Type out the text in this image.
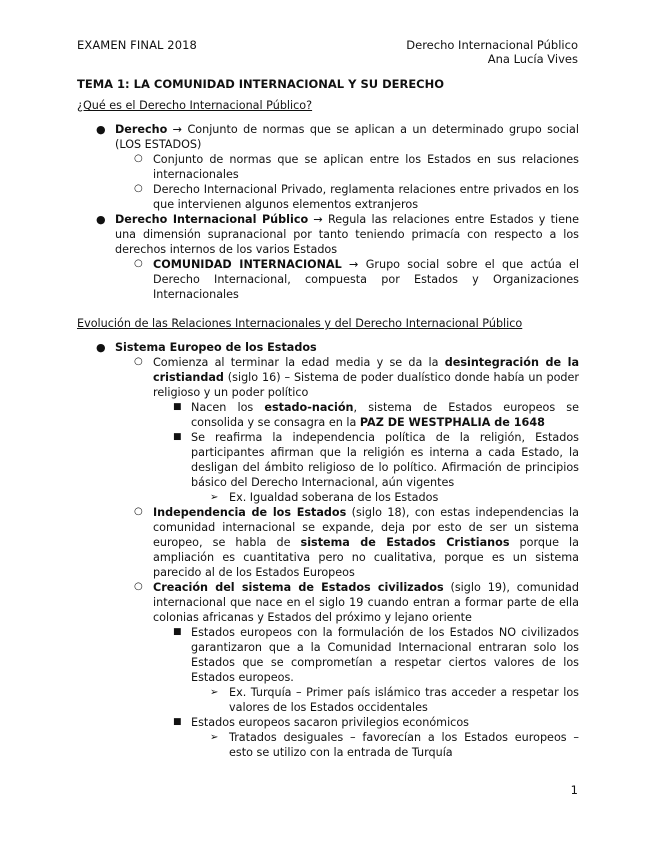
EXAMEN FINAL 2018	Derecho Internacional Público
Ana Lucía Vives
TEMA 1: LA COMUNIDAD INTERNACIONAL Y SU DERECHO
¿Qué es el Derecho Internacional Público?
● Derecho → Conjunto de normas que se aplican a un determinado grupo social (LOS ESTADOS)
○ Conjunto de normas que se aplican entre los Estados en sus relaciones internacionales
○ Derecho Internacional Privado, reglamenta relaciones entre privados en los que intervienen algunos elementos extranjeros
● Derecho Internacional Público → Regula las relaciones entre Estados y tiene una dimensión supranacional por tanto teniendo primacía con respecto a los derechos internos de los varios Estados
○ COMUNIDAD INTERNACIONAL → Grupo social sobre el que actúa el Derecho Internacional, compuesta por Estados y Organizaciones Internacionales
Evolución de las Relaciones Internacionales y del Derecho Internacional Público
● Sistema Europeo de los Estados
○ Comienza al terminar la edad media y se da la desintegración de la cristiandad (siglo 16) – Sistema de poder dualístico donde había un poder religioso y un poder político
■ Nacen los estado-nación, sistema de Estados europeos se consolida y se consagra en la PAZ DE WESTPHALIA de 1648
■ Se reafirma la independencia política de la religión, Estados participantes afirman que la religión es interna a cada Estado, la desligan del ámbito religioso de lo político. Afirmación de principios básico del Derecho Internacional, aún vigentes
➢ Ex. Igualdad soberana de los Estados
○ Independencia de los Estados (siglo 18), con estas independencias la comunidad internacional se expande, deja por esto de ser un sistema europeo, se habla de sistema de Estados Cristianos porque la ampliación es cuantitativa pero no cualitativa, porque es un sistema parecido al de los Estados Europeos
○ Creación del sistema de Estados civilizados (siglo 19), comunidad internacional que nace en el siglo 19 cuando entran a formar parte de ella colonias africanas y Estados del próximo y lejano oriente
■ Estados europeos con la formulación de los Estados NO civilizados garantizaron que a la Comunidad Internacional entraran solo los Estados que se comprometían a respetar ciertos valores de los Estados europeos.
➢ Ex. Turquía – Primer país islámico tras acceder a respetar los valores de los Estados occidentales
■ Estados europeos sacaron privilegios económicos
➢ Tratados desiguales – favorecían a los Estados europeos – esto se utilizo con la entrada de Turquía
1
